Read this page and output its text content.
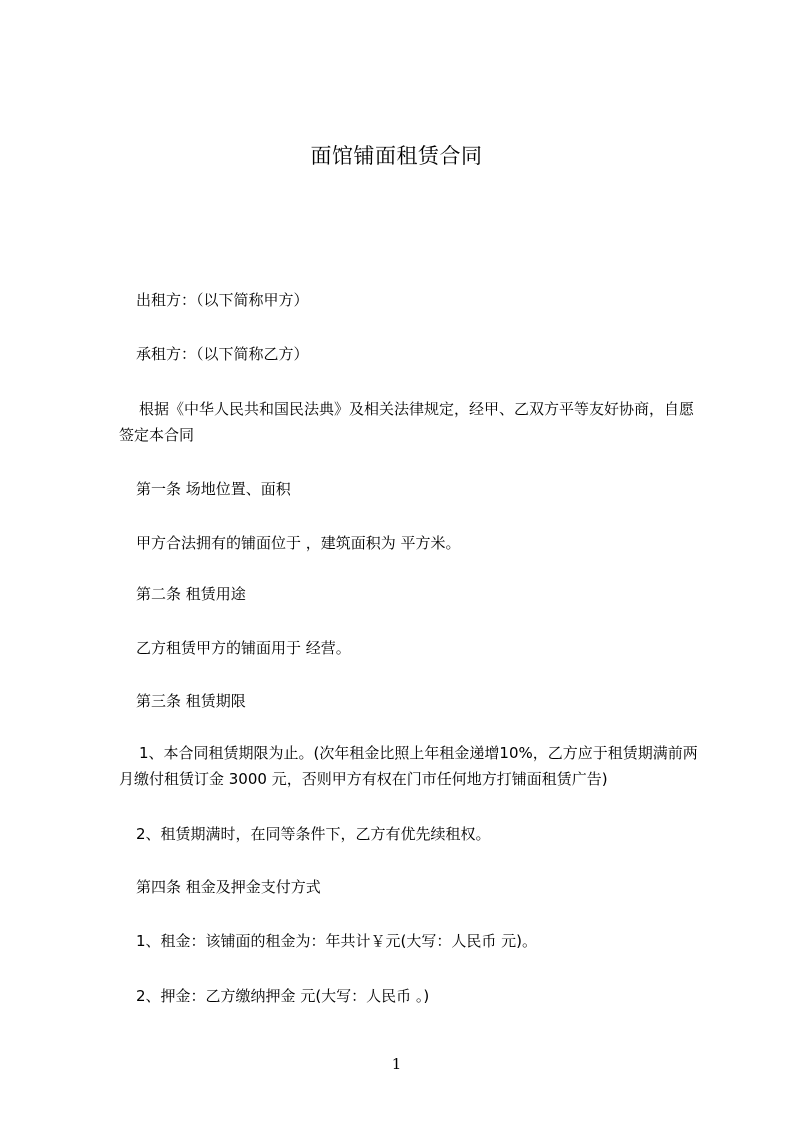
面馆铺面租赁合同
出租方：（以下简称甲方）
承租方：（以下简称乙方）
根据《中华人民共和国民法典》及相关法律规定，经甲、乙双方平等友好协商，自愿签定本合同
第一条 场地位置、面积
甲方合法拥有的铺面位于 ，建筑面积为 平方米。
第二条 租赁用途
乙方租赁甲方的铺面用于 经营。
第三条 租赁期限
1、本合同租赁期限为止。(次年租金比照上年租金递增10%，乙方应于租赁期满前两月缴付租赁订金 3000 元，否则甲方有权在门市任何地方打铺面租赁广告)
2、租赁期满时，在同等条件下，乙方有优先续租权。
第四条 租金及押金支付方式
1、租金：该铺面的租金为：年共计￥元(大写：人民币 元)。
2、押金：乙方缴纳押金 元(大写：人民币 。)
1
